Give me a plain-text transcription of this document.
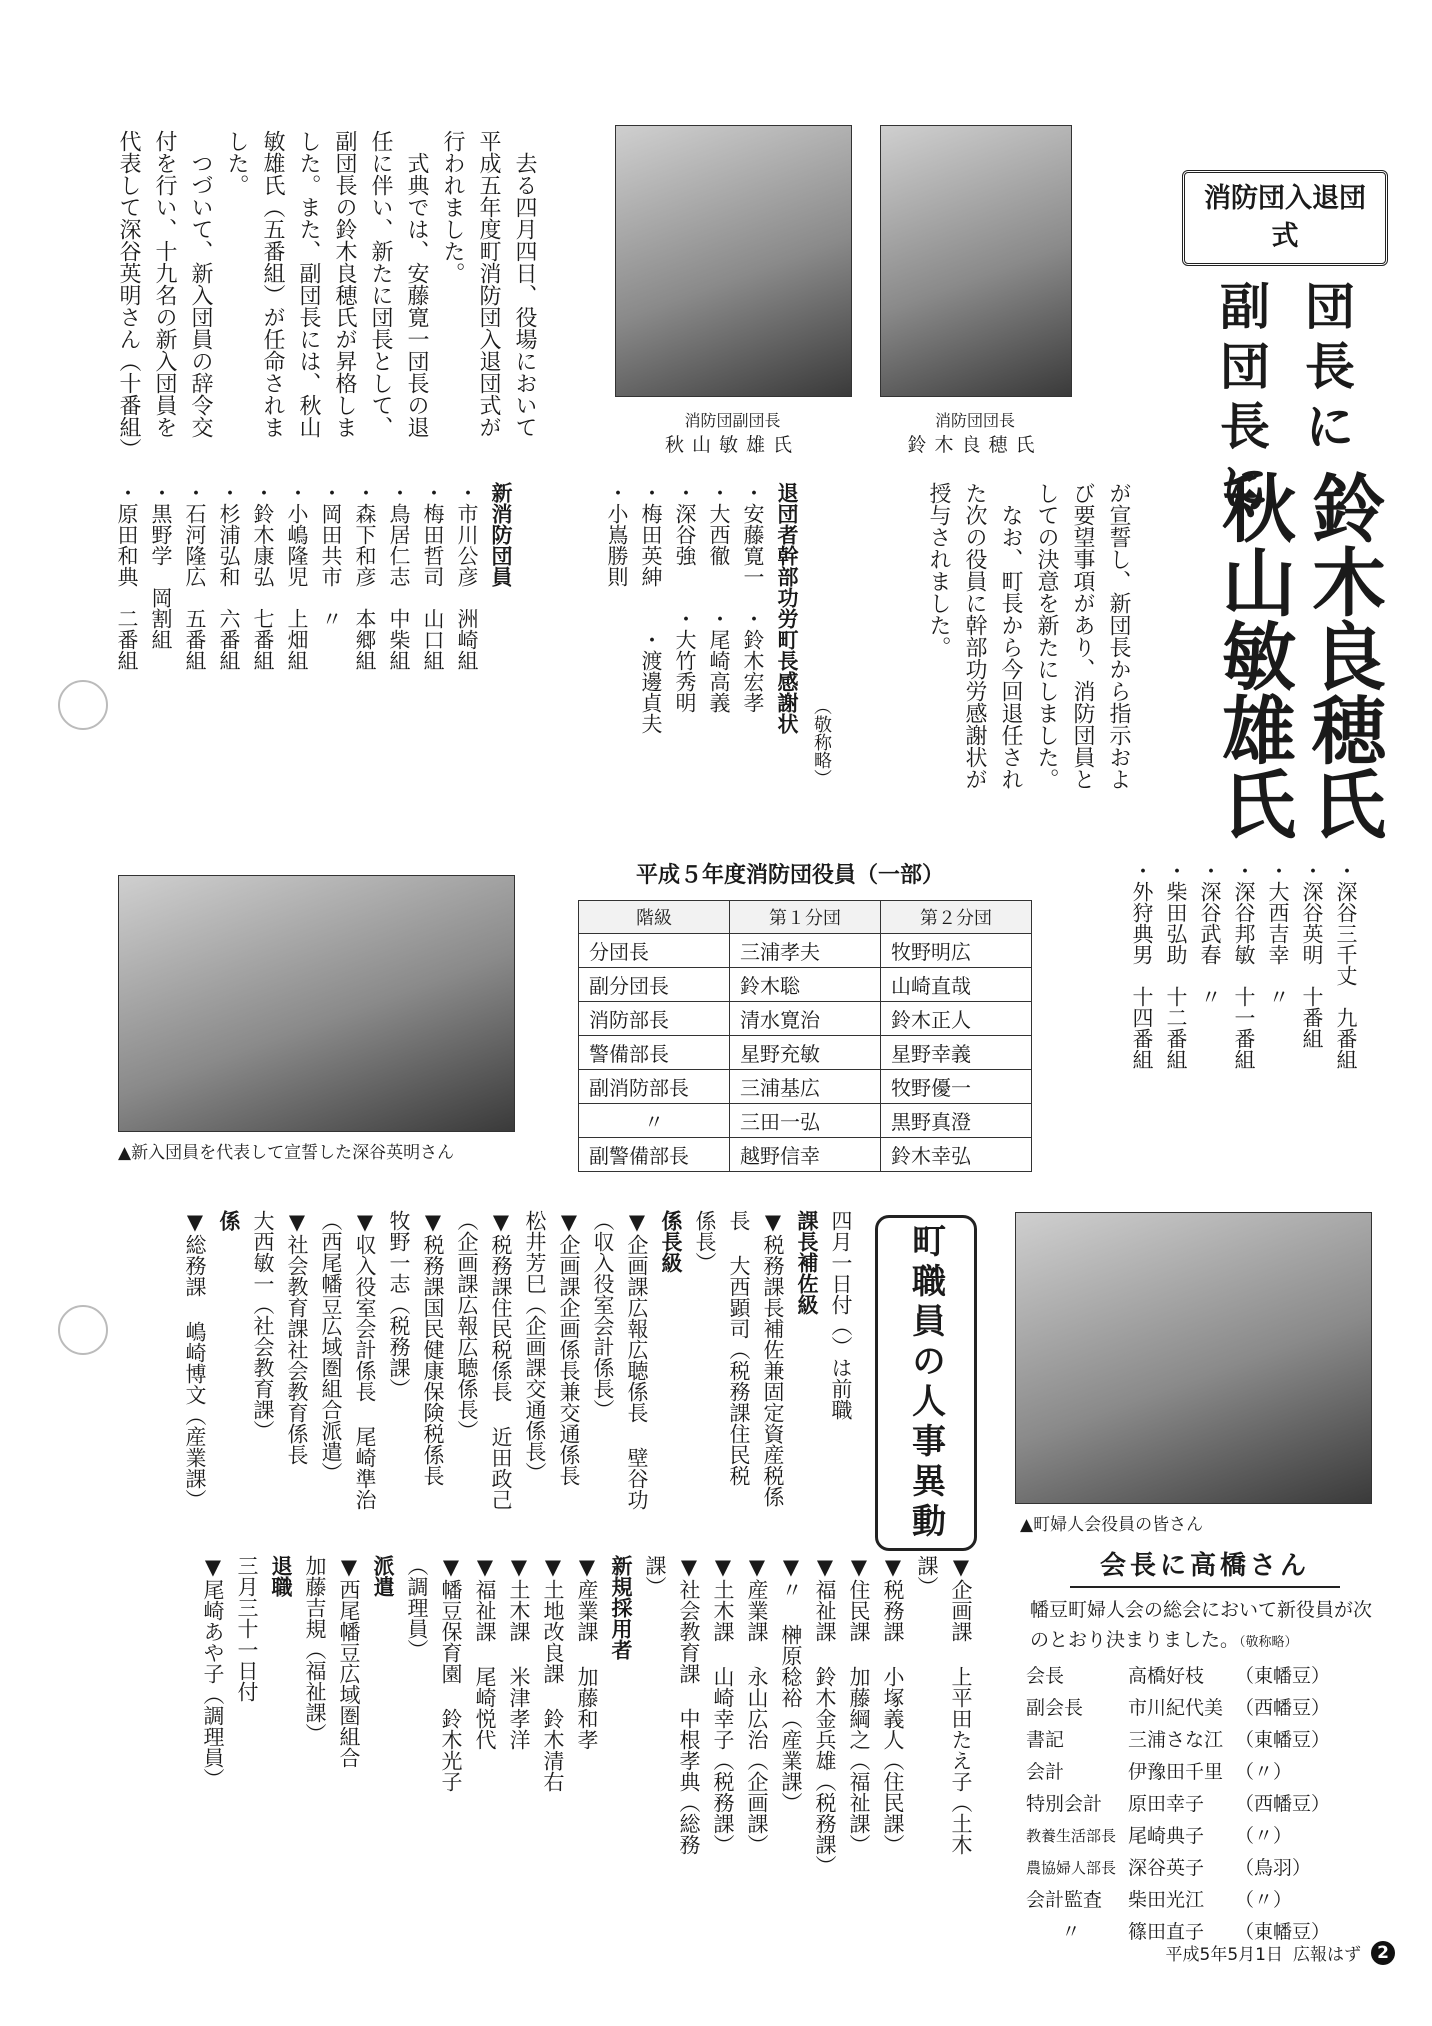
消防団入退団式
団長に
鈴木良穂氏
副団長に
秋山敏雄氏
消防団団長
鈴木良穂氏
消防団副団長
秋山敏雄氏
が宣誓し、新団長から指示およ
び要望事項があり、消防団員と
しての決意を新たにしました。
なお、町長から今回退任され
た次の役員に幹部功労感謝状が
授与されました。
去る四月四日、役場において
平成五年度町消防団入退団式が
行われました。
式典では、安藤寛一団長の退
任に伴い、新たに団長として、
副団長の鈴木良穂氏が昇格しま
した。また、副団長には、秋山
敏雄氏（五番組）が任命されま
した。
つづいて、新入団員の辞令交
付を行い、十九名の新入団員を
代表して深谷英明さん（十番組）
（敬称略）
退団者幹部功労町長感謝状
・安藤寛一　・鈴木宏孝
・大西徹　　・尾崎高義
・深谷強　　・大竹秀明
・梅田英紳　　・渡邊貞夫
・小嶌勝則
新消防団員
・市川公彦　洲崎組
・梅田哲司　山口組
・鳥居仁志　中柴組
・森下和彦　本郷組
・岡田共市　〃
・小嶋隆児　上畑組
・鈴木康弘　七番組
・杉浦弘和　六番組
・石河隆広　五番組
・黒野学　岡割組
・原田和典　二番組
・深谷三千丈　九番組
・深谷英明　十番組
・大西吉幸　〃
・深谷邦敏　十一番組
・深谷武春　〃
・柴田弘助　十二番組
・外狩典男　十四番組
▲新入団員を代表して宣誓した深谷英明さん
平成５年度消防団役員（一部）
階級	第１分団	第２分団
分団長	三浦孝夫	牧野明広
副分団長	鈴木聡	山崎直哉
消防部長	清水寛治	鈴木正人
警備部長	星野充敏	星野幸義
副消防部長	三浦基広	牧野優一
〃	三田一弘	黒野真澄
副警備部長	越野信幸	鈴木幸弘
町職員の人事異動
四月一日付（）は前職
課長補佐級
▼税務課長補佐兼固定資産税係
長 大西顕司（税務課住民税
係長）
係長級
▼企画課広報広聴係長 壁谷功
（収入役室会計係長）
▼企画課企画係長兼交通係長
松井芳巳（企画課交通係長）
▼税務課住民税係長 近田政己
（企画課広報広聴係長）
▼税務課国民健康保険税係長
牧野一志（税務課）
▼収入役室会計係長 尾崎準治
（西尾幡豆広域圏組合派遣）
▼社会教育課社会教育係長
大西敏一（社会教育課）
係
▼総務課 嶋崎博文（産業課）
▼企画課 上平田たえ子（土木
課）
▼税務課 小塚義人（住民課）
▼住民課 加藤綱之（福祉課）
▼福祉課 鈴木金兵雄（税務課）
▼〃 榊原稔裕（産業課）
▼産業課 永山広治（企画課）
▼土木課 山崎幸子（税務課）
▼社会教育課 中根孝典（総務
課）
新規採用者
▼産業課 加藤和孝
▼土地改良課 鈴木清右
▼土木課 米津孝洋
▼福祉課 尾崎悦代
▼幡豆保育園 鈴木光子
（調理員）
派遣
▼西尾幡豆広域圏組合
加藤吉規（福祉課）
退職
三月三十一日付
▼尾崎あや子（調理員）
▲町婦人会役員の皆さん
会長に高橋さん
幡豆町婦人会の総会において新役員が次のとおり決まりました。（敬称略）
会長	高橋好枝	（東幡豆）
副会長	市川紀代美	（西幡豆）
書記	三浦さな江	（東幡豆）
会計	伊豫田千里	（〃）
特別会計	原田幸子	（西幡豆）
教養生活部長	尾崎典子	（〃）
農協婦人部長	深谷英子	（鳥羽）
会計監査	柴田光江	（〃）
〃	篠田直子	（東幡豆）
平成5年5月1日 広報はず 2
